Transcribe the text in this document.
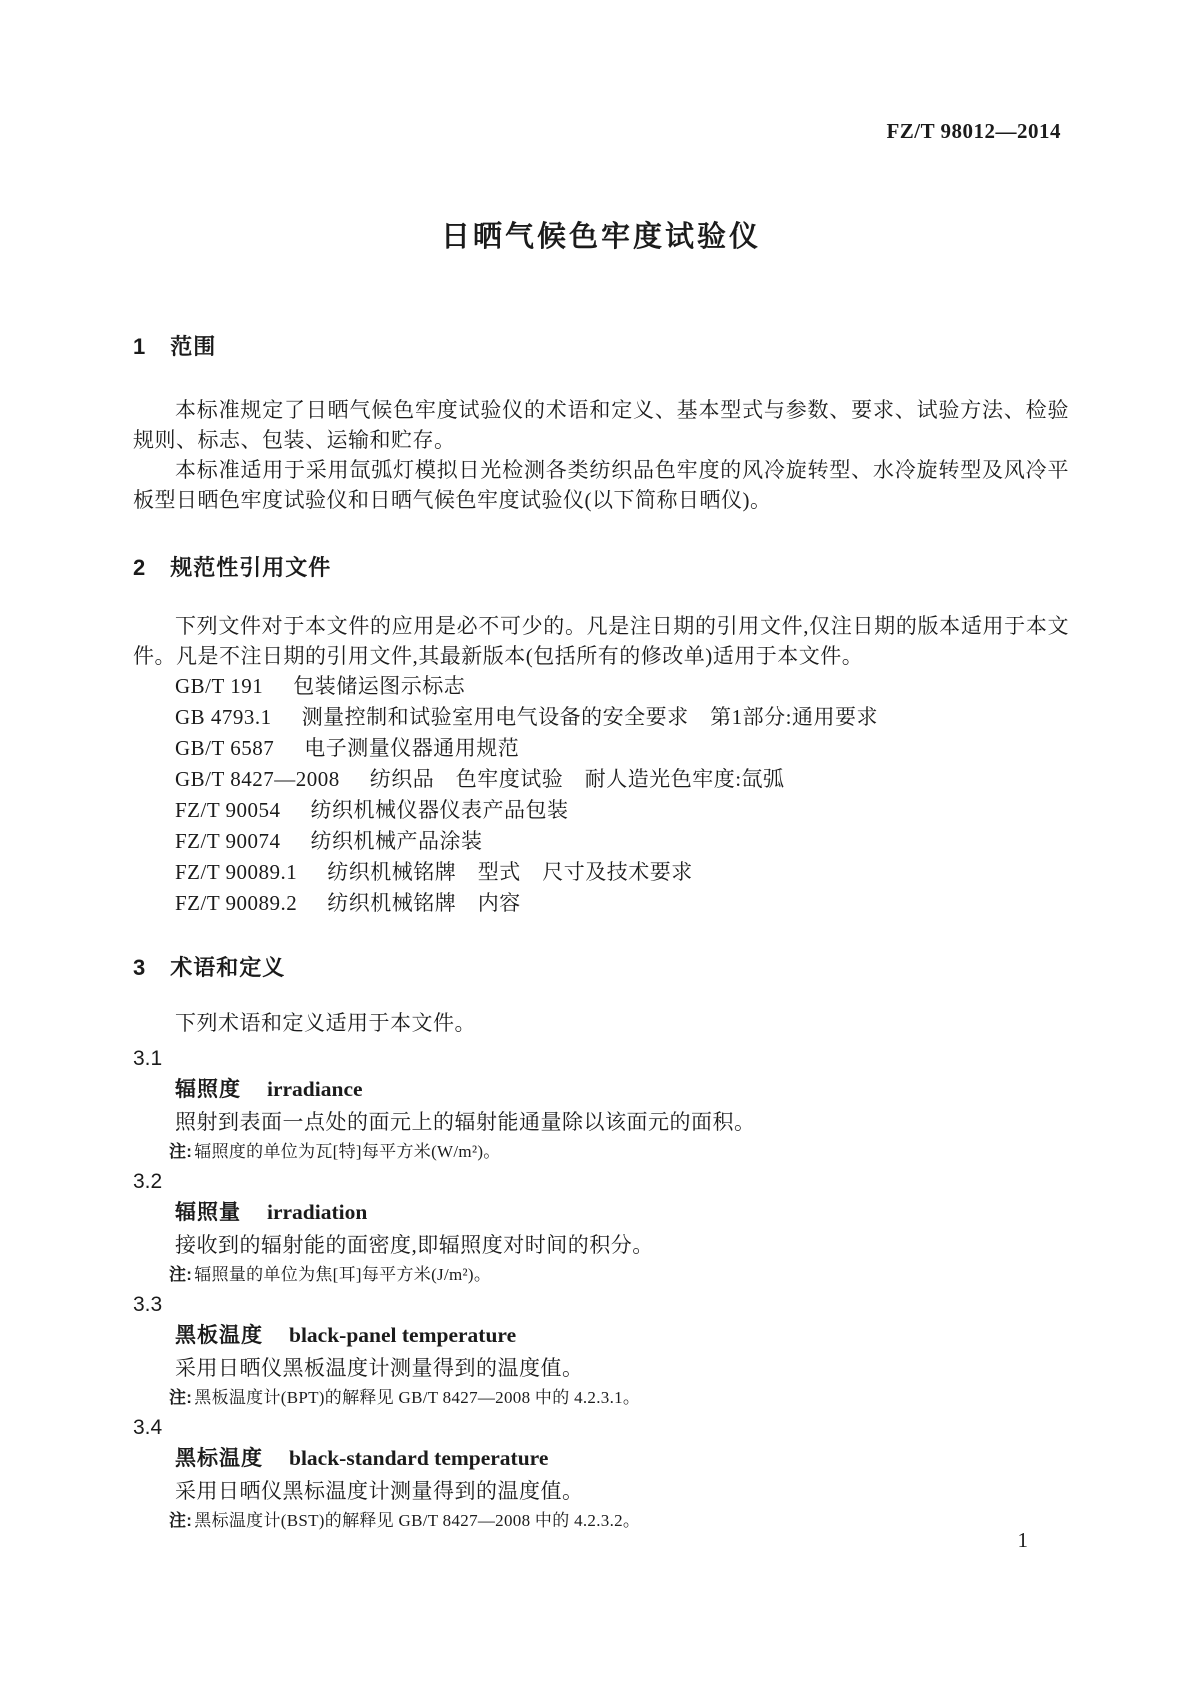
FZ/T 98012—2014
日晒气候色牢度试验仪
1 范围

本标准规定了日晒气候色牢度试验仪的术语和定义、基本型式与参数、要求、试验方法、检验规则、标志、包装、运输和贮存。

本标准适用于采用氙弧灯模拟日光检测各类纺织品色牢度的风冷旋转型、水冷旋转型及风冷平板型日晒色牢度试验仪和日晒气候色牢度试验仪(以下简称日晒仪)。

2 规范性引用文件

下列文件对于本文件的应用是必不可少的。凡是注日期的引用文件,仅注日期的版本适用于本文件。凡是不注日期的引用文件,其最新版本(包括所有的修改单)适用于本文件。

GB/T 191 包装储运图示标志
GB 4793.1 测量控制和试验室用电气设备的安全要求　第1部分:通用要求
GB/T 6587 电子测量仪器通用规范
GB/T 8427—2008 纺织品　色牢度试验　耐人造光色牢度:氙弧
FZ/T 90054 纺织机械仪器仪表产品包装
FZ/T 90074 纺织机械产品涂装
FZ/T 90089.1 纺织机械铭牌　型式　尺寸及技术要求
FZ/T 90089.2 纺织机械铭牌　内容
3 术语和定义

下列术语和定义适用于本文件。

3.1
辐照度 irradiance
照射到表面一点处的面元上的辐射能通量除以该面元的面积。
注: 辐照度的单位为瓦[特]每平方米(W/m²)。
3.2
辐照量 irradiation
接收到的辐射能的面密度,即辐照度对时间的积分。
注: 辐照量的单位为焦[耳]每平方米(J/m²)。
3.3
黑板温度 black-panel temperature
采用日晒仪黑板温度计测量得到的温度值。
注: 黑板温度计(BPT)的解释见 GB/T 8427—2008 中的 4.2.3.1。
3.4
黑标温度 black-standard temperature
采用日晒仪黑标温度计测量得到的温度值。
注: 黑标温度计(BST)的解释见 GB/T 8427—2008 中的 4.2.3.2。
1
